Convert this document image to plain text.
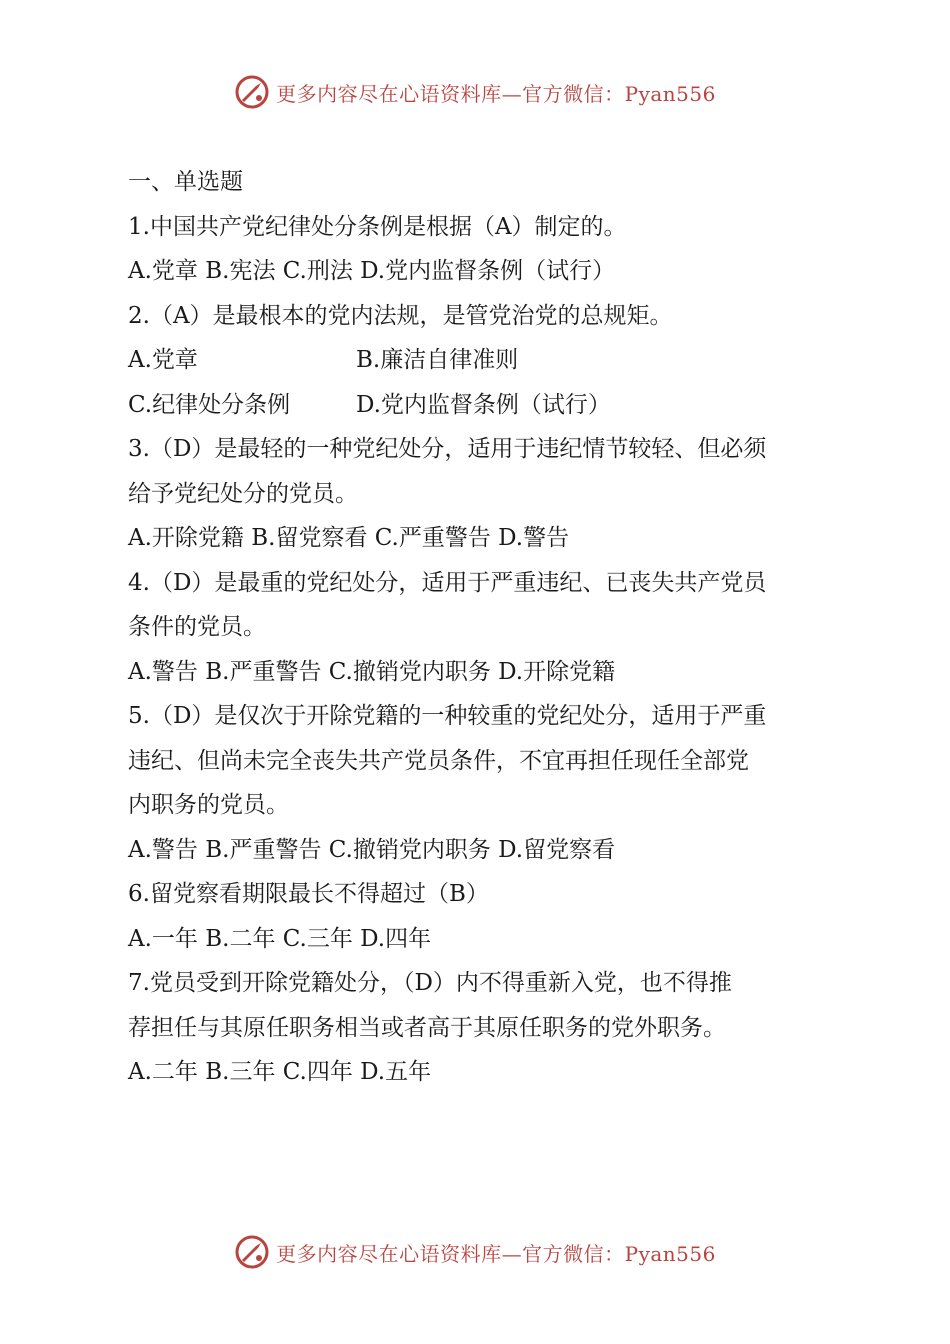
更多内容尽在心语资料库—官方微信：Pyan556
一、单选题
1.中国共产党纪律处分条例是根据（A）制定的。
A.党章 B.宪法 C.刑法 D.党内监督条例（试行）
2.（A）是最根本的党内法规，是管党治党的总规矩。
A.党章	B.廉洁自律准则
C.纪律处分条例	D.党内监督条例（试行）
3.（D）是最轻的一种党纪处分，适用于违纪情节较轻、但必须
给予党纪处分的党员。
A.开除党籍 B.留党察看 C.严重警告 D.警告
4.（D）是最重的党纪处分，适用于严重违纪、已丧失共产党员
条件的党员。
A.警告 B.严重警告 C.撤销党内职务 D.开除党籍
5.（D）是仅次于开除党籍的一种较重的党纪处分，适用于严重
违纪、但尚未完全丧失共产党员条件，不宜再担任现任全部党
内职务的党员。
A.警告 B.严重警告 C.撤销党内职务 D.留党察看
6.留党察看期限最长不得超过（B）
A.一年 B.二年 C.三年 D.四年
7.党员受到开除党籍处分，（D）内不得重新入党，也不得推
荐担任与其原任职务相当或者高于其原任职务的党外职务。
A.二年 B.三年 C.四年 D.五年
更多内容尽在心语资料库—官方微信：Pyan556
